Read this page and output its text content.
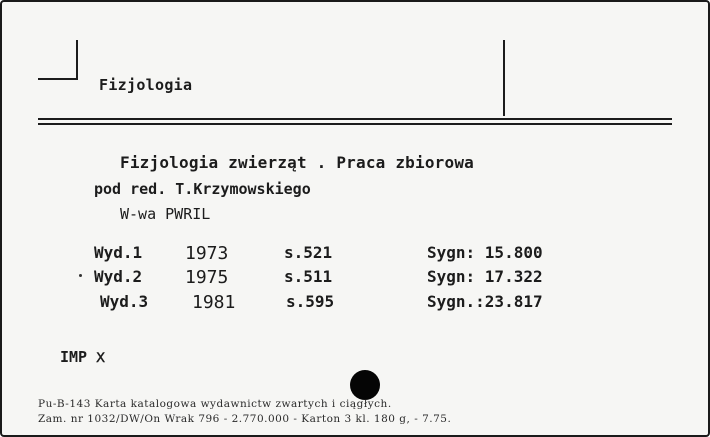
Fizjologia
Fizjologia zwierząt . Praca zbiorowa
pod red. T.Krzymowskiego
W-wa PWRIL
Wyd.1 1973	s.521	Sygn: 15.800
Wyd.2 1975	s.511	Sygn: 17.322
Wyd.3 1981	s.595	Sygn.:23.817
IMP Ⅹ
Pu-B-143 Karta katalogowa wydawnictw zwartych i ciągłych.
Zam. nr 1032/DW/On Wrak 796 - 2.770.000 - Karton 3 kl. 180 g, - 7.75.
